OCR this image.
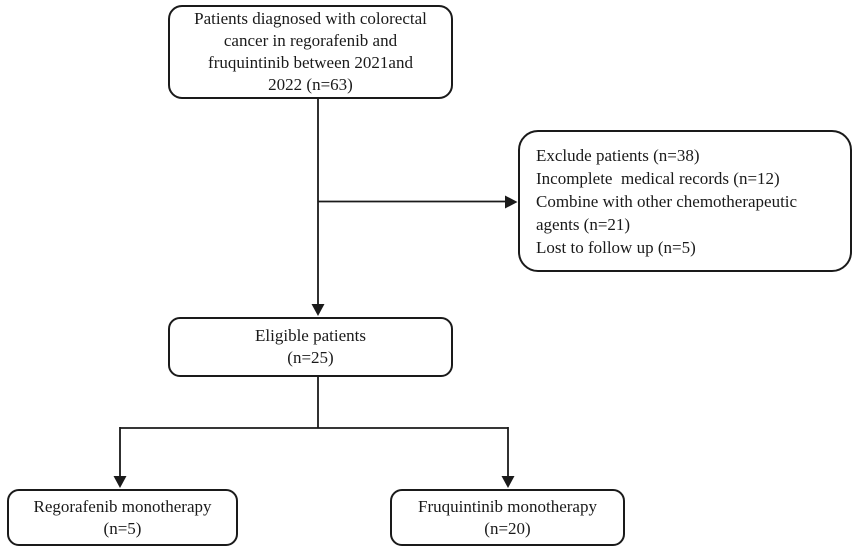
Patients diagnosed with colorectal
cancer in regorafenib and
fruquintinib between 2021and
2022 (n=63)
Exclude patients (n=38)
Incomplete  medical records (n=12)
Combine with other chemotherapeutic
agents (n=21)
Lost to follow up (n=5)
Eligible patients
(n=25)
Regorafenib monotherapy
(n=5)
Fruquintinib monotherapy
(n=20)
